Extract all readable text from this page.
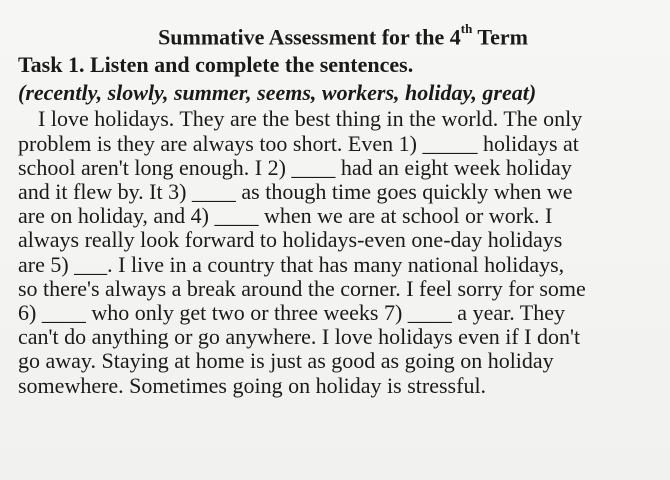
Summative Assessment for the 4th Term

Task 1. Listen and complete the sentences.

(recently, slowly, summer, seems, workers, holiday, great)

I love holidays. They are the best thing in the world. The only
problem is they are always too short. Even 1) _____ holidays at
school aren't long enough. I 2) ____ had an eight week holiday
and it flew by. It 3) ____ as though time goes quickly when we
are on holiday, and 4) ____ when we are at school or work. I
always really look forward to holidays-even one-day holidays
are 5) ___. I live in a country that has many national holidays,
so there's always a break around the corner. I feel sorry for some
6) ____ who only get two or three weeks 7) ____ a year. They
can't do anything or go anywhere. I love holidays even if I don't
go away. Staying at home is just as good as going on holiday
somewhere. Sometimes going on holiday is stressful.
